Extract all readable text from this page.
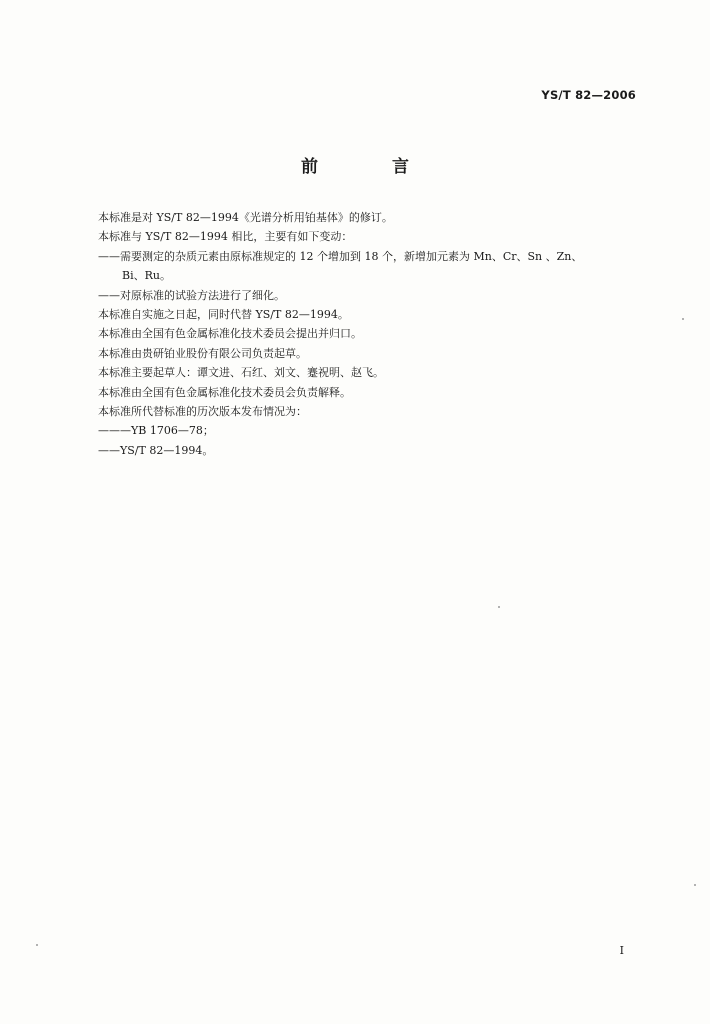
YS/T 82—2006
前 言

本标准是对 YS/T 82—1994《光谱分析用铂基体》的修订。

本标准与 YS/T 82—1994 相比，主要有如下变动：

——需要测定的杂质元素由原标准规定的 12 个增加到 18 个，新增加元素为 Mn、Cr、Sn 、Zn、

Bi、Ru。

——对原标准的试验方法进行了细化。

本标准自实施之日起，同时代替 YS/T 82—1994。

本标准由全国有色金属标准化技术委员会提出并归口。

本标准由贵研铂业股份有限公司负责起草。

本标准主要起草人：谭文进、石红、刘文、蹇祝明、赵飞。

本标准由全国有色金属标准化技术委员会负责解释。

本标准所代替标准的历次版本发布情况为：

———YB 1706—78；

——YS/T 82—1994。

I
